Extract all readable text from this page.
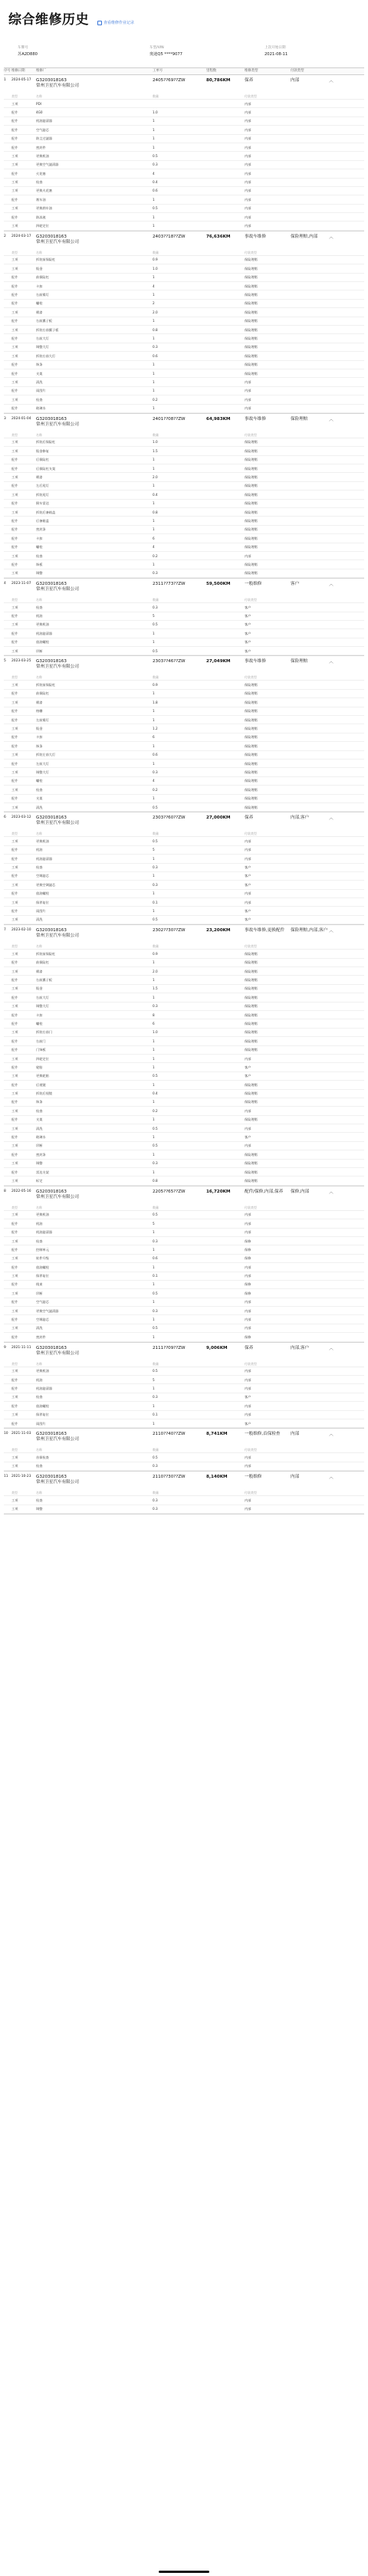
综合维修历史	查看维修作业记录
车牌号
苏A2D880
车型/VIN
奥迪Q5 ****9077
上次开始日期
2021-08-11
序号 维修日期	维修厂	工单号	里程数	维修类型	付款类型
1	2024-05-17	G3203018163
常州卫星汽车有限公司
2405??69??ZW	80,786KM	保养	内部	︿
类型	名称	数量	付款类型
工项	PDI	内部
配件	4G0	1.0	内部
配件	机油滤清器	1	内部
配件	空气滤芯	1	内部
配件	防尘过滤器	1	内部
配件	密封件	1	内部
工项	更换机油	0.5	内部
工项	更换空气滤清器	0.3	内部
配件	火花塞	4	内部
工项	检查	0.4	内部
工项	更换火花塞	0.6	内部
配件	刹车油	1	内部
工项	更换刹车油	0.5	内部
配件	防冻液	1	内部
工项	四轮定位	1	内部
2	2024-03-17	G3203018163
常州卫星汽车有限公司
2403??18??ZW	76,636KM	事故车维修	保险理赔,内部	︿
类型	名称	数量	付款类型
工项	拆装前保险杠	0.9	保险理赔
工项	钣金	1.0	保险理赔
配件	前保险杠	1	保险理赔
配件	卡扣	4	保险理赔
配件	右前雾灯	1	保险理赔
配件	螺栓	2	保险理赔
工项	喷漆	2.0	保险理赔
配件	右前翼子板	1	保险理赔
工项	拆装右前翼子板	0.8	保险理赔
配件	右前大灯	1	保险理赔
工项	调整大灯	0.3	保险理赔
工项	拆装右前大灯	0.6	保险理赔
配件	饰条	1	保险理赔
配件	支架	1	保险理赔
工项	清洗	1	内部
配件	雨刮片	1	内部
工项	检查	0.2	内部
配件	玻璃水	1	内部
3	2024-01-04	G3203018163
常州卫星汽车有限公司
2401??08??ZW	64,983KM	事故车维修	保险理赔	︿
类型	名称	数量	付款类型
工项	拆装后保险杠	1.0	保险理赔
工项	钣金修复	1.5	保险理赔
配件	后保险杠	1	保险理赔
配件	后保险杠支架	1	保险理赔
工项	喷漆	2.0	保险理赔
配件	左后尾灯	1	保险理赔
工项	拆装尾灯	0.4	保险理赔
配件	倒车雷达	1	保险理赔
工项	拆装后备箱盖	0.8	保险理赔
配件	后备箱盖	1	保险理赔
配件	密封条	1	保险理赔
配件	卡扣	6	保险理赔
配件	螺栓	4	保险理赔
工项	检查	0.2	内部
配件	饰板	1	保险理赔
工项	调整	0.3	保险理赔
4	2023-11-07	G3203018163
常州卫星汽车有限公司
2311??73??ZW	59,500KM	一般维修	客户	︿
类型	名称	数量	付款类型
工项	检查	0.3	客户
配件	机油	5	客户
工项	更换机油	0.5	客户
配件	机油滤清器	1	客户
配件	放油螺栓	1	客户
工项	诊断	0.5	客户
5	2023-03-25	G3203018163
常州卫星汽车有限公司
2303??46??ZW	27,049KM	事故车维修	保险理赔	︿
类型	名称	数量	付款类型
工项	拆装前保险杠	0.9	保险理赔
配件	前保险杠	1	保险理赔
工项	喷漆	1.8	保险理赔
配件	格栅	1	保险理赔
配件	左前雾灯	1	保险理赔
工项	钣金	1.2	保险理赔
配件	卡扣	6	保险理赔
配件	饰条	1	保险理赔
工项	拆装左前大灯	0.6	保险理赔
配件	左前大灯	1	保险理赔
工项	调整大灯	0.3	保险理赔
配件	螺栓	4	保险理赔
工项	检查	0.2	保险理赔
配件	支架	1	保险理赔
工项	清洗	0.5	保险理赔
6	2023-03-12	G3203018163
常州卫星汽车有限公司
2303??60??ZW	27,000KM	保养	内部,客户	︿
类型	名称	数量	付款类型
工项	更换机油	0.5	内部
配件	机油	5	内部
配件	机油滤清器	1	内部
工项	检查	0.3	客户
配件	空调滤芯	1	客户
工项	更换空调滤芯	0.3	客户
配件	放油螺栓	1	内部
工项	保养复位	0.1	内部
配件	雨刮片	1	客户
工项	清洗	0.5	客户
7	2023-02-10	G3203018163
常州卫星汽车有限公司
2302??30??ZW	23,200KM	事故车维修,更换配件	保险理赔,内部,客户 ︿
类型	名称	数量	付款类型
工项	拆装前保险杠	0.9	保险理赔
配件	前保险杠	1	保险理赔
工项	喷漆	2.0	保险理赔
配件	右前翼子板	1	保险理赔
工项	钣金	1.5	保险理赔
配件	右前大灯	1	保险理赔
工项	调整大灯	0.3	保险理赔
配件	卡扣	8	保险理赔
配件	螺栓	6	保险理赔
工项	拆装右前门	1.0	保险理赔
配件	右前门	1	保险理赔
配件	门饰板	1	保险理赔
工项	四轮定位	1	内部
配件	轮胎	1	客户
工项	更换轮胎	0.5	客户
配件	后视镜	1	保险理赔
工项	拆装后视镜	0.4	保险理赔
配件	饰条	1	保险理赔
工项	检查	0.2	内部
配件	支架	1	保险理赔
工项	清洗	0.5	内部
配件	玻璃水	1	客户
工项	诊断	0.5	内部
配件	密封条	1	保险理赔
工项	调整	0.3	保险理赔
配件	雷达支架	1	保险理赔
工项	标定	0.8	保险理赔
8	2022-05-16	G3203018163
常州卫星汽车有限公司
2205??65??ZW	16,720KM	配件/保修,内部,保养	保修,内部	︿
类型	名称	数量	付款类型
工项	更换机油	0.5	内部
配件	机油	5	内部
配件	机油滤清器	1	内部
工项	检查	0.3	保修
配件	控制单元	1	保修
工项	软件升级	0.6	保修
配件	放油螺栓	1	内部
工项	保养复位	0.1	内部
配件	线束	1	保修
工项	诊断	0.5	保修
配件	空气滤芯	1	内部
工项	更换空气滤清器	0.3	内部
配件	空调滤芯	1	内部
工项	清洗	0.5	内部
配件	密封件	1	保修
9	2021-11-11	G3203018163
常州卫星汽车有限公司
2111??09??ZW	9,006KM	保养	内部,客户	︿
类型	名称	数量	付款类型
工项	更换机油	0.5	内部
配件	机油	5	内部
配件	机油滤清器	1	内部
工项	检查	0.3	客户
配件	放油螺栓	1	内部
工项	保养复位	0.1	内部
配件	雨刮片	1	客户
10	2021-11-03	G3203018163
常州卫星汽车有限公司
2110??40??ZW	8,741KM	一般维修,首保检查	内部	︿
类型	名称	数量	付款类型
工项	首保检查	0.5	内部
工项	检查	0.3	内部
11	2021-10-23	G3203018163
常州卫星汽车有限公司
2110??30??ZW	8,140KM	一般维修	内部	︿
类型	名称	数量	付款类型
工项	检查	0.3	内部
工项	调整	0.3	内部
